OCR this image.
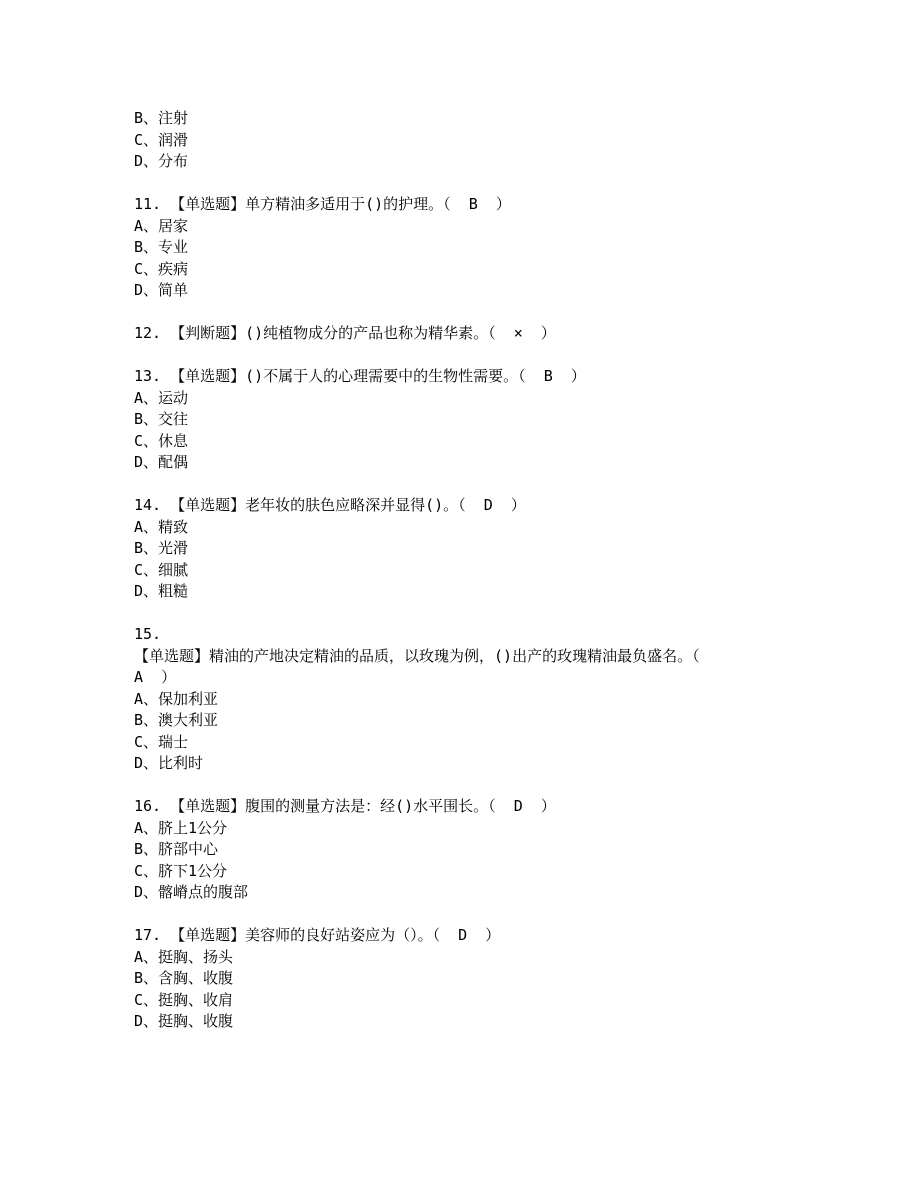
B、注射
C、润滑
D、分布
11. 【单选题】单方精油多适用于()的护理。（  B  ）
A、居家
B、专业
C、疾病
D、简单
12. 【判断题】()纯植物成分的产品也称为精华素。（  ×  ）
13. 【单选题】()不属于人的心理需要中的生物性需要。（  B  ）
A、运动
B、交往
C、休息
D、配偶
14. 【单选题】老年妆的肤色应略深并显得()。（  D  ）
A、精致
B、光滑
C、细腻
D、粗糙
15.
【单选题】精油的产地决定精油的品质，以玫瑰为例，()出产的玫瑰精油最负盛名。（
A  ）
A、保加利亚
B、澳大利亚
C、瑞士
D、比利时
16. 【单选题】腹围的测量方法是：经()水平围长。（  D  ）
A、脐上1公分
B、脐部中心
C、脐下1公分
D、髂嵴点的腹部
17. 【单选题】美容师的良好站姿应为（）。（  D  ）
A、挺胸、扬头
B、含胸、收腹
C、挺胸、收肩
D、挺胸、收腹
